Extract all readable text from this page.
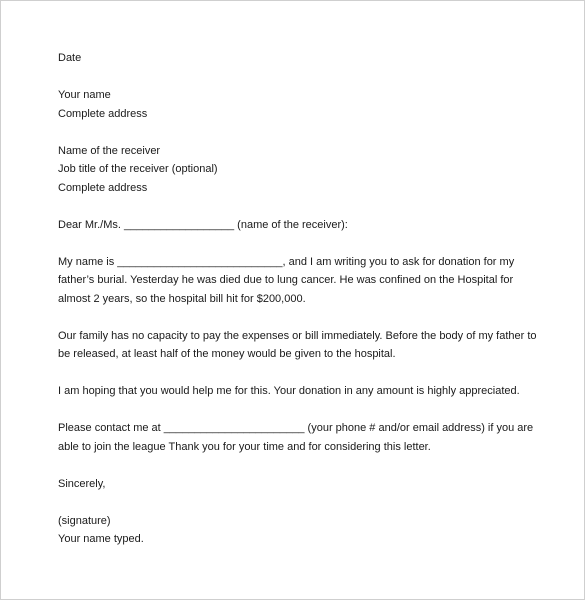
Date
Your name
Complete address
Name of the receiver
Job title of the receiver (optional)
Complete address
Dear Mr./Ms. __________________ (name of the receiver):
My name is ___________________________, and I am writing you to ask for donation for my
father’s burial. Yesterday he was died due to lung cancer. He was confined on the Hospital for
almost 2 years, so the hospital bill hit for $200,000.
Our family has no capacity to pay the expenses or bill immediately. Before the body of my father to
be released, at least half of the money would be given to the hospital.
I am hoping that you would help me for this. Your donation in any amount is highly appreciated.
Please contact me at _______________________ (your phone # and/or email address) if you are
able to join the league Thank you for your time and for considering this letter.
Sincerely,
(signature)
Your name typed.
